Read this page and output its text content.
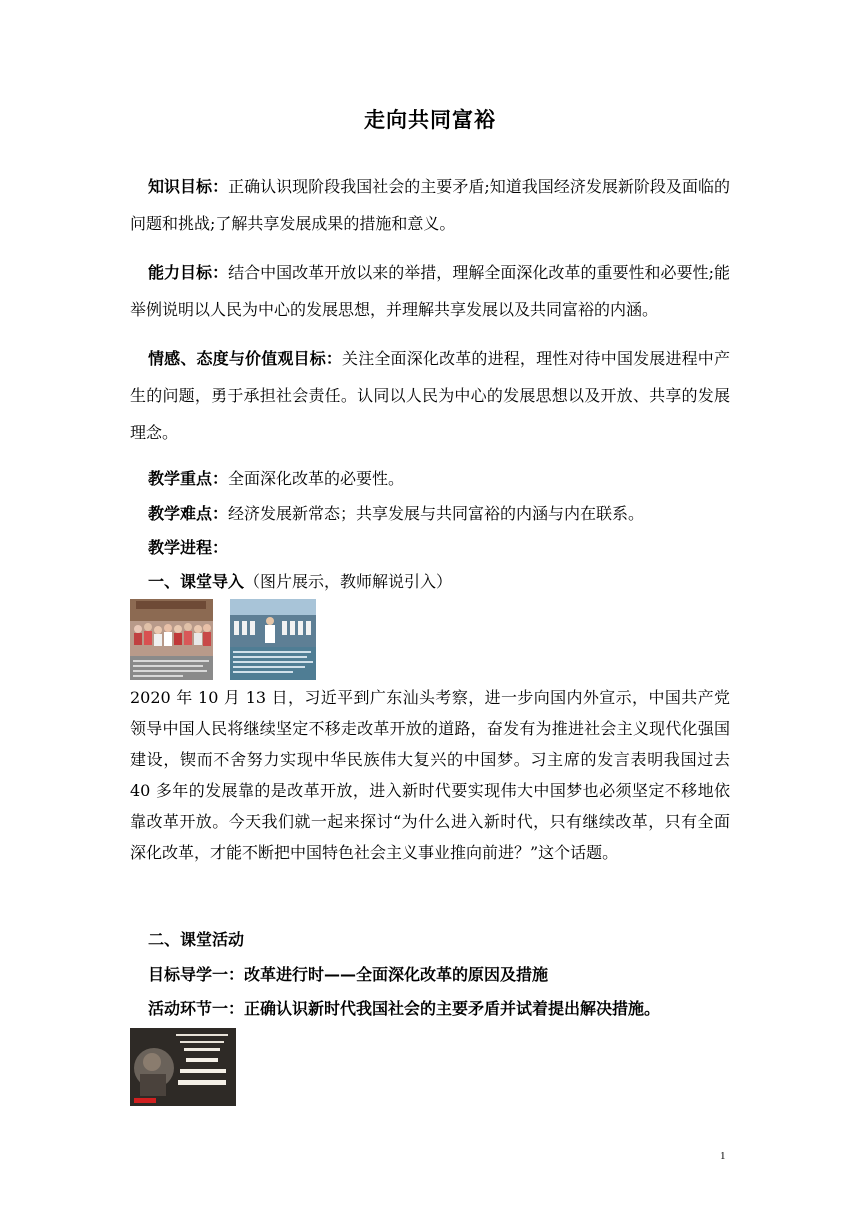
走向共同富裕
知识目标：正确认识现阶段我国社会的主要矛盾;知道我国经济发展新阶段及面临的问题和挑战;了解共享发展成果的措施和意义。
能力目标：结合中国改革开放以来的举措，理解全面深化改革的重要性和必要性;能举例说明以人民为中心的发展思想，并理解共享发展以及共同富裕的内涵。
情感、态度与价值观目标：关注全面深化改革的进程，理性对待中国发展进程中产生的问题，勇于承担社会责任。认同以人民为中心的发展思想以及开放、共享的发展理念。
教学重点：全面深化改革的必要性。
教学难点：经济发展新常态；共享发展与共同富裕的内涵与内在联系。
教学进程：
一、课堂导入（图片展示，教师解说引入）
2020 年 10 月 13 日，习近平到广东汕头考察，进一步向国内外宣示，中国共产党领导中国人民将继续坚定不移走改革开放的道路，奋发有为推进社会主义现代化强国建设，锲而不舍努力实现中华民族伟大复兴的中国梦。习主席的发言表明我国过去 40 多年的发展靠的是改革开放，进入新时代要实现伟大中国梦也必须坚定不移地依靠改革开放。今天我们就一起来探讨“为什么进入新时代，只有继续改革，只有全面深化改革，才能不断把中国特色社会主义事业推向前进？”这个话题。
二、课堂活动
目标导学一：改革进行时——全面深化改革的原因及措施
活动环节一：正确认识新时代我国社会的主要矛盾并试着提出解决措施。
1
